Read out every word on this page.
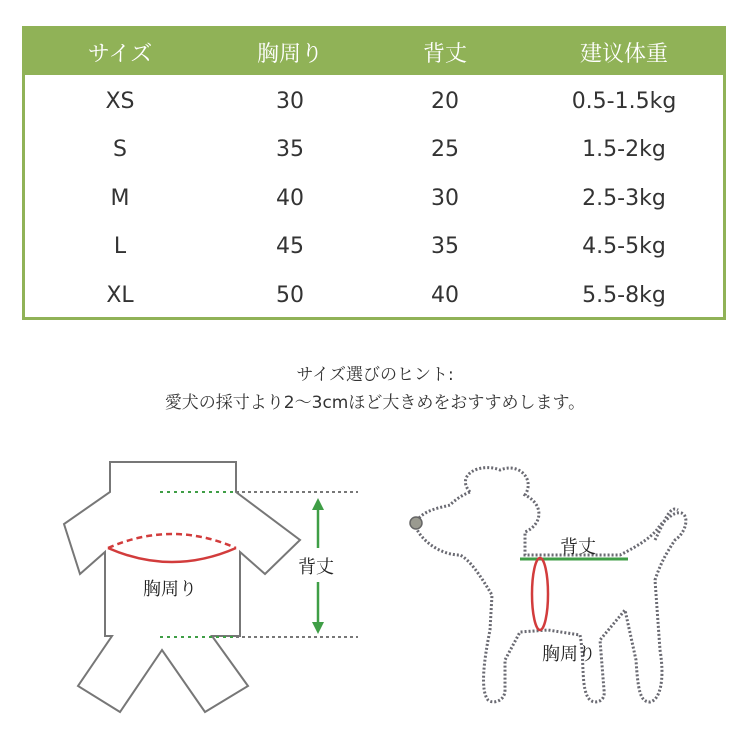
サイズ	胸周り	背丈	建议体重
XS	30	20	0.5-1.5kg
S	35	25	1.5-2kg
M	40	30	2.5-3kg
L	45	35	4.5-5kg
XL	50	40	5.5-8kg
サイズ選びのヒント:
愛犬の採寸より2～3cmほど大きめをおすすめします。
背丈
胸周り
背丈
胸周り
